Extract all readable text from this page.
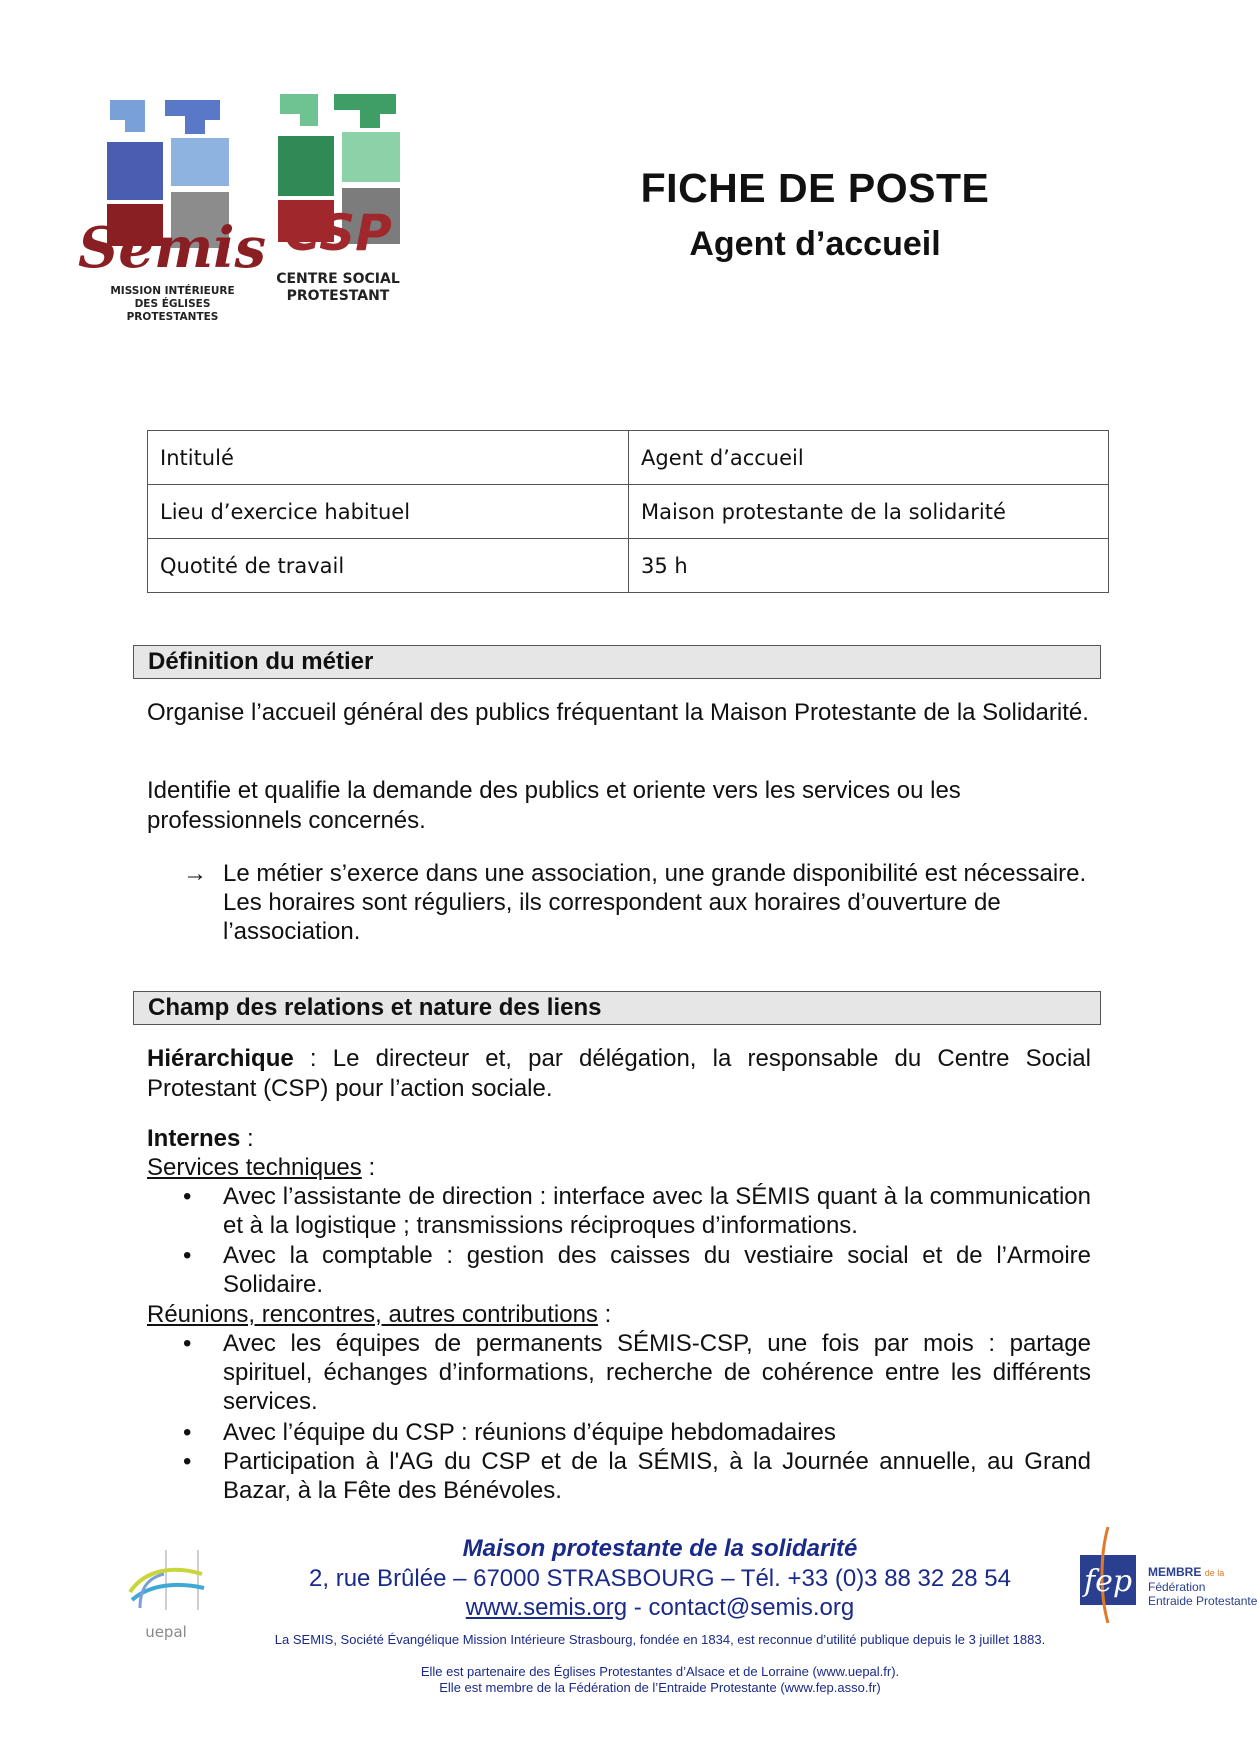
Sémis
MISSION INTÉRIEURE
DES ÉGLISES PROTESTANTES
CSP
CENTRE SOCIAL
PROTESTANT
FICHE DE POSTE
Agent d’accueil
Intitulé	Agent d’accueil
Lieu d’exercice habituel	Maison protestante de la solidarité
Quotité de travail	35 h
Définition du métier
Organise l’accueil général des publics fréquentant la Maison Protestante de la Solidarité.
Identifie et qualifie la demande des publics et oriente vers les services ou les professionnels concernés.
→ Le métier s’exerce dans une association, une grande disponibilité est nécessaire. Les horaires sont réguliers, ils correspondent aux horaires d’ouverture de l’association.
Champ des relations et nature des liens
Hiérarchique : Le directeur et, par délégation, la responsable du Centre Social Protestant (CSP) pour l’action sociale.
Internes :
Services techniques :
•	Avec l’assistante de direction : interface avec la SÉMIS quant à la communication et à la logistique ; transmissions réciproques d’informations.
•	Avec la comptable : gestion des caisses du vestiaire social et de l’Armoire Solidaire.
Réunions, rencontres, autres contributions :
•	Avec les équipes de permanents SÉMIS-CSP, une fois par mois : partage spirituel, échanges d’informations, recherche de cohérence entre les différents services.
•	Avec l’équipe du CSP : réunions d’équipe hebdomadaires
•	Participation à l'AG du CSP et de la SÉMIS, à la Journée annuelle, au Grand Bazar, à la Fête des Bénévoles.
uepal
Maison protestante de la solidarité
2, rue Brûlée – 67000 STRASBOURG – Tél. +33 (0)3 88 32 28 54
www.semis.org - contact@semis.org
La SEMIS, Société Évangélique Mission Intérieure Strasbourg, fondée en 1834, est reconnue d’utilité publique depuis le 3 juillet 1883.
Elle est partenaire des Églises Protestantes d’Alsace et de Lorraine (www.uepal.fr).
Elle est membre de la Fédération de l’Entraide Protestante (www.fep.asso.fr)
fep MEMBRE de la
Fédération
Entraide Protestante
